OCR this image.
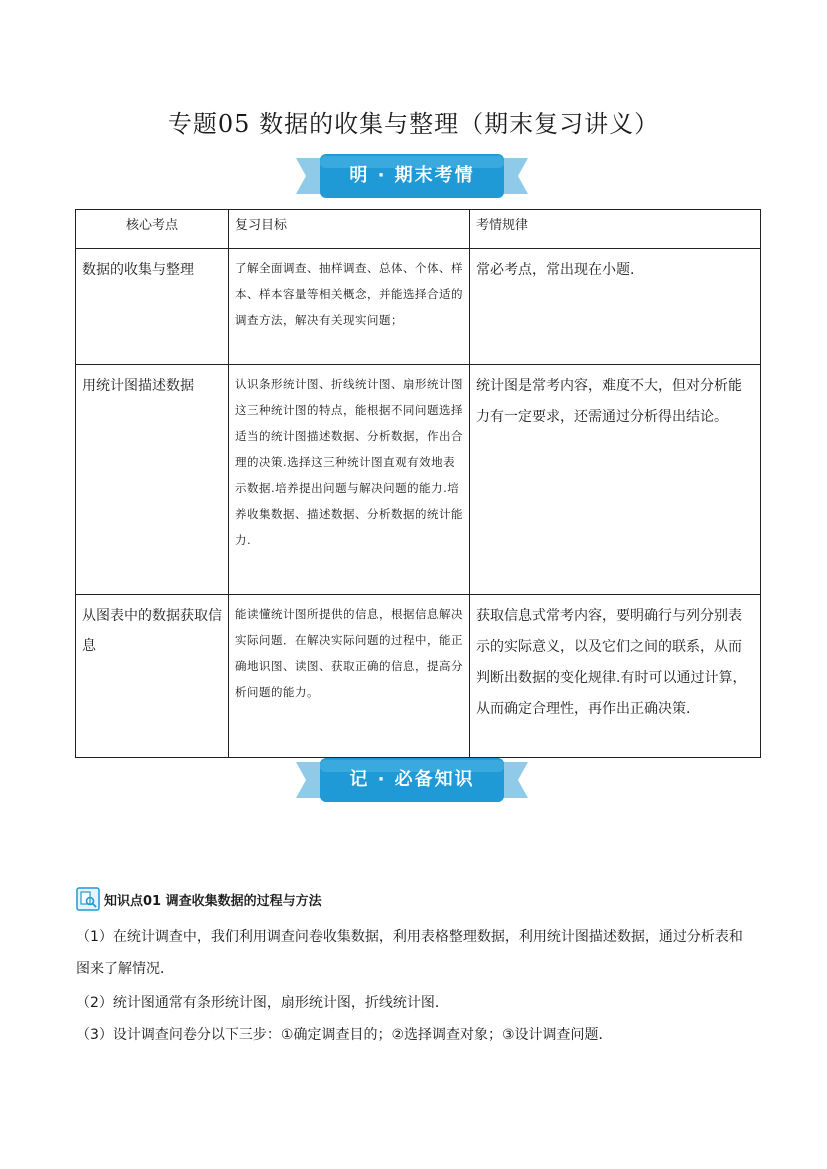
专题05 数据的收集与整理（期末复习讲义）
明 · 期末考情
核心考点	复习目标	考情规律
数据的收集与整理	了解全面调查、抽样调查、总体、个体、样本、样本容量等相关概念，并能选择合适的调查方法，解决有关现实问题；	常必考点，常出现在小题.
用统计图描述数据	认识条形统计图、折线统计图、扇形统计图这三种统计图的特点，能根据不同问题选择适当的统计图描述数据、分析数据，作出合理的决策.选择这三种统计图直观有效地表示数据.培养提出问题与解决问题的能力.培养收集数据、描述数据、分析数据的统计能力.	统计图是常考内容，难度不大，但对分析能力有一定要求，还需通过分析得出结论。
从图表中的数据获取信息	能读懂统计图所提供的信息，根据信息解决实际问题．在解决实际问题的过程中，能正确地识图、读图、获取正确的信息，提高分析问题的能力。	获取信息式常考内容，要明确行与列分别表示的实际意义，以及它们之间的联系，从而判断出数据的变化规律.有时可以通过计算，从而确定合理性，再作出正确决策.
记 · 必备知识
知识点01 调查收集数据的过程与方法
（1）在统计调查中，我们利用调查问卷收集数据，利用表格整理数据，利用统计图描述数据，通过分析表和图来了解情况．
（2）统计图通常有条形统计图，扇形统计图，折线统计图．
（3）设计调查问卷分以下三步：①确定调查目的；②选择调查对象；③设计调查问题．
